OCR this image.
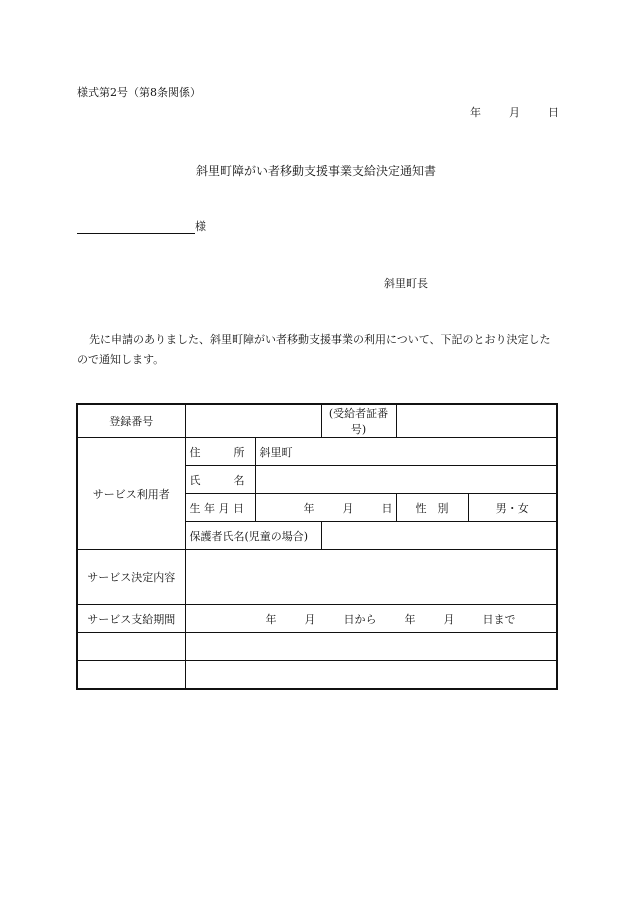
様式第2号（第8条関係）
年	月	日
斜里町障がい者移動支援事業支給決定通知書
様
斜里町長
先に申請のありました、斜里町障がい者移動支援事業の利用について、下記のとおり決定したので通知します。
登録番号			(受給者証番号)		
サービス利用者	住　　　所	斜里町			
	氏　　　名				
	生 年 月 日	年 月 日		性　別	男・女
	保護者氏名(児童の場合)				
サービス決定内容					
サービス支給期間	年 月 日から 年 月 日まで				
